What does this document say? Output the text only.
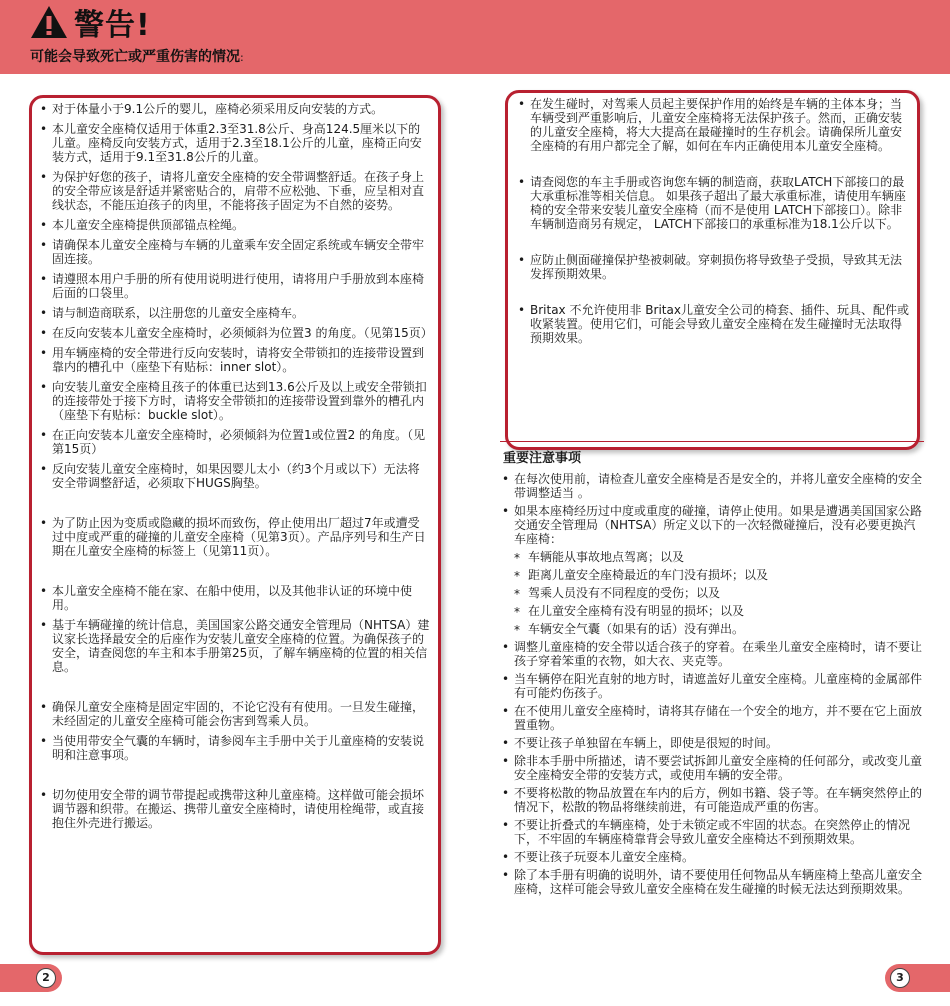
警告!
可能会导致死亡或严重伤害的情况:
• 对于体量小于9.1公斤的婴儿，座椅必须采用反向安装的方式。
• 本儿童安全座椅仅适用于体重2.3至31.8公斤、身高124.5厘米以下的儿童。座椅反向安装方式，适用于2.3至18.1公斤的儿童，座椅正向安装方式，适用于9.1至31.8公斤的儿童。
• 为保护好您的孩子，请将儿童安全座椅的安全带调整舒适。在孩子身上的安全带应该是舒适并紧密贴合的，肩带不应松弛、下垂，应呈相对直线状态，不能压迫孩子的肉里，不能将孩子固定为不自然的姿势。
• 本儿童安全座椅提供顶部锚点栓绳。
• 请确保本儿童安全座椅与车辆的儿童乘车安全固定系统或车辆安全带牢固连接。
• 请遵照本用户手册的所有使用说明进行使用，请将用户手册放到本座椅后面的口袋里。
• 请与制造商联系，以注册您的儿童安全座椅车。
• 在反向安装本儿童安全座椅时，必须倾斜为位置3 的角度。（见第15页）
• 用车辆座椅的安全带进行反向安装时，请将安全带锁扣的连接带设置到靠内的槽孔中（座垫下有贴标：inner slot）。
• 向安装儿童安全座椅且孩子的体重已达到13.6公斤及以上或安全带锁扣的连接带处于接下方时，请将安全带锁扣的连接带设置到靠外的槽孔内（座垫下有贴标：buckle slot）。
• 在正向安装本儿童安全座椅时，必须倾斜为位置1或位置2 的角度。（见第15页）
• 反向安装儿童安全座椅时，如果因婴儿太小（约3个月或以下）无法将安全带调整舒适，必须取下HUGS胸垫。
• 为了防止因为变质或隐藏的损坏而致伤，停止使用出厂超过7年或遭受过中度或严重的碰撞的儿童安全座椅（见第3页）。产品序列号和生产日期在儿童安全座椅的标签上（见第11页）。
• 本儿童安全座椅不能在家、在船中使用，以及其他非认证的环境中使用。
• 基于车辆碰撞的统计信息，美国国家公路交通安全管理局（NHTSA）建议家长选择最安全的后座作为安装儿童安全座椅的位置。为确保孩子的安全，请查阅您的车主和本手册第25页，了解车辆座椅的位置的相关信息。
• 确保儿童安全座椅是固定牢固的，不论它没有有使用。一旦发生碰撞，未经固定的儿童安全座椅可能会伤害到驾乘人员。
• 当使用带安全气囊的车辆时，请参阅车主手册中关于儿童座椅的安装说明和注意事项。
• 切勿使用安全带的调节带提起或携带这种儿童座椅。这样做可能会损坏调节器和织带。在搬运、携带儿童安全座椅时，请使用栓绳带，或直接抱住外壳进行搬运。
• 在发生碰时，对驾乘人员起主要保护作用的始终是车辆的主体本身；当车辆受到严重影响后，儿童安全座椅将无法保护孩子。然而，正确安装的儿童安全座椅，将大大提高在最碰撞时的生存机会。请确保所儿童安全座椅的有用户都完全了解，如何在车内正确使用本儿童安全座椅。
• 请查阅您的车主手册或咨询您车辆的制造商，获取LATCH下部接口的最大承重标准等相关信息。 如果孩子超出了最大承重标准，请使用车辆座椅的安全带来安装儿童安全座椅（而不是使用 LATCH下部接口）。除非车辆制造商另有规定， LATCH下部接口的承重标准为18.1公斤以下。
• 应防止侧面碰撞保护垫被刺破。穿刺损伤将导致垫子受损，导致其无法发挥预期效果。
• Britax 不允许使用非 Britax儿童安全公司的椅套、插件、玩具、配件或收紧装置。使用它们，可能会导致儿童安全座椅在发生碰撞时无法取得预期效果。
重要注意事项
• 在每次使用前，请检查儿童安全座椅是否是安全的，并将儿童安全座椅的安全带调整适当 。
• 如果本座椅经历过中度或重度的碰撞，请停止使用。如果是遭遇美国国家公路交通安全管理局（NHTSA）所定义以下的一次轻微碰撞后，没有必要更换汽车座椅：
* 车辆能从事故地点驾离；以及
* 距离儿童安全座椅最近的车门没有损坏；以及
* 驾乘人员没有不同程度的受伤；以及
* 在儿童安全座椅有没有明显的损坏；以及
* 车辆安全气囊（如果有的话）没有弹出。
• 调整儿童座椅的安全带以适合孩子的穿着。在乘坐儿童安全座椅时，请不要让孩子穿着笨重的衣物，如大衣、夹克等。
• 当车辆停在阳光直射的地方时，请遮盖好儿童安全座椅。儿童座椅的金属部件有可能灼伤孩子。
• 在不使用儿童安全座椅时，请将其存储在一个安全的地方，并不要在它上面放置重物。
• 不要让孩子单独留在车辆上，即使是很短的时间。
• 除非本手册中所描述，请不要尝试拆卸儿童安全座椅的任何部分，或改变儿童安全座椅安全带的安装方式，或使用车辆的安全带。
• 不要将松散的物品放置在车内的后方，例如书籍、袋子等。在车辆突然停止的情况下，松散的物品将继续前进，有可能造成严重的伤害。
• 不要让折叠式的车辆座椅，处于未锁定或不牢固的状态。在突然停止的情况下，不牢固的车辆座椅靠背会导致儿童安全座椅达不到预期效果。
• 不要让孩子玩耍本儿童安全座椅。
• 除了本手册有明确的说明外，请不要使用任何物品从车辆座椅上垫高儿童安全座椅，这样可能会导致儿童安全座椅在发生碰撞的时候无法达到预期效果。
2	3
